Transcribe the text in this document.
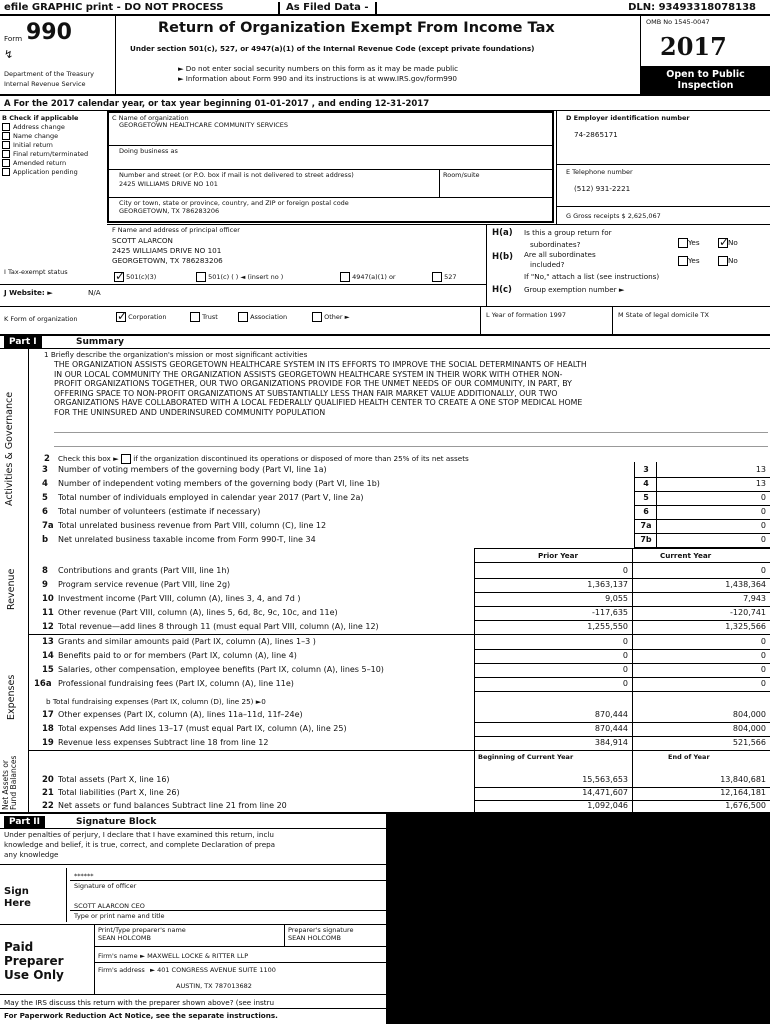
efile GRAPHIC print - DO NOT PROCESS	As Filed Data -	DLN: 93493318078138
Form 990
↯
Department of the Treasury
Internal Revenue Service
Return of Organization Exempt From Income Tax
Under section 501(c), 527, or 4947(a)(1) of the Internal Revenue Code (except private foundations)
► Do not enter social security numbers on this form as it may be made public
► Information about Form 990 and its instructions is at www.IRS.gov/form990
OMB No 1545-0047
2017
Open to Public
Inspection
A For the 2017 calendar year, or tax year beginning 01-01-2017 , and ending 12-31-2017
B Check if applicable
Address change
Name change
Initial return
Final return/terminated
Amended return
Application pending
C Name of organization
GEORGETOWN HEALTHCARE COMMUNITY SERVICES
Doing business as
Number and street (or P.O. box if mail is not delivered to street address)
2425 WILLIAMS DRIVE NO 101
Room/suite
City or town, state or province, country, and ZIP or foreign postal code
GEORGETOWN, TX 786283206
D Employer identification number
74-2865171
E Telephone number
(512) 931-2221
G Gross receipts $ 2,625,067
F Name and address of principal officer
SCOTT ALARCON
2425 WILLIAMS DRIVE NO 101
GEORGETOWN, TX 786283206
H(a) Is this a group return for
subordinates?	Yes ✓	No
H(b) Are all subordinates
included?	Yes	No
If "No," attach a list (see instructions)
H(c) Group exemption number ►
I Tax-exempt status
✓ 501(c)(3)	501(c) ( ) ◄ (insert no )	4947(a)(1) or	527
J Website: ►	N/A
K Form of organization ✓	Corporation	Trust	Association	Other ►	L Year of formation 1997	M State of legal domicile TX
Part I	Summary
1 Briefly describe the organization's mission or most significant activities
THE ORGANIZATION ASSISTS GEORGETOWN HEALTHCARE SYSTEM IN ITS EFFORTS TO IMPROVE THE SOCIAL DETERMINANTS OF HEALTH
IN OUR LOCAL COMMUNITY THE ORGANIZATION ASSISTS GEORGETOWN HEALTHCARE SYSTEM IN THEIR WORK WITH OTHER NON-
PROFIT ORGANIZATIONS TOGETHER, OUR TWO ORGANIZATIONS PROVIDE FOR THE UNMET NEEDS OF OUR COMMUNITY, IN PART, BY
OFFERING SPACE TO NON-PROFIT ORGANIZATIONS AT SUBSTANTIALLY LESS THAN FAIR MARKET VALUE ADDITIONALLY, OUR TWO
ORGANIZATIONS HAVE COLLABORATED WITH A LOCAL FEDERALLY QUALIFIED HEALTH CENTER TO CREATE A ONE STOP MEDICAL HOME
FOR THE UNINSURED AND UNDERINSURED COMMUNITY POPULATION
Activities & Governance
Revenue
Expenses
Net Assets or Fund Balances
2 Check this box ► if the organization discontinued its operations or disposed of more than 25% of its net assets
Prior Year	Current Year
b Total fundraising expenses (Part IX, column (D), line 25) ►0
Beginning of Current Year	End of Year
Part II	Signature Block
Under penalties of perjury, I declare that I have examined this return, inclu
knowledge and belief, it is true, correct, and complete Declaration of prepa
any knowledge
Sign
Here
******
Signature of officer
SCOTT ALARCON CEO
Type or print name and title
Paid
Preparer
Use Only
Print/Type preparer's name
SEAN HOLCOMB
Preparer's signature
SEAN HOLCOMB
Firm's name ► MAXWELL LOCKE & RITTER LLP
Firm's address ► 401 CONGRESS AVENUE SUITE 1100
AUSTIN, TX 787013682
May the IRS discuss this return with the preparer shown above? (see instru
For Paperwork Reduction Act Notice, see the separate instructions.
3 Number of voting members of the governing body (Part VI, line 1a)	3	13
4 Number of independent voting members of the governing body (Part VI, line 1b)	4	13
5 Total number of individuals employed in calendar year 2017 (Part V, line 2a)	5	0
6 Total number of volunteers (estimate if necessary)	6	0
7a Total unrelated business revenue from Part VIII, column (C), line 12	7a	0
b Net unrelated business taxable income from Form 990-T, line 34	7b	0
8 Contributions and grants (Part VIII, line 1h)	0	0
9 Program service revenue (Part VIII, line 2g)	1,363,137	1,438,364
10 Investment income (Part VIII, column (A), lines 3, 4, and 7d )	9,055	7,943
11 Other revenue (Part VIII, column (A), lines 5, 6d, 8c, 9c, 10c, and 11e)	-117,635	-120,741
12 Total revenue—add lines 8 through 11 (must equal Part VIII, column (A), line 12)	1,255,550	1,325,566
13 Grants and similar amounts paid (Part IX, column (A), lines 1–3 )	0	0
14 Benefits paid to or for members (Part IX, column (A), line 4)	0	0
15 Salaries, other compensation, employee benefits (Part IX, column (A), lines 5–10)	0	0
16a Professional fundraising fees (Part IX, column (A), line 11e)	0	0
17 Other expenses (Part IX, column (A), lines 11a–11d, 11f–24e)	870,444	804,000
18 Total expenses Add lines 13–17 (must equal Part IX, column (A), line 25)	870,444	804,000
19 Revenue less expenses Subtract line 18 from line 12	384,914	521,566
20 Total assets (Part X, line 16)	15,563,653	13,840,681
21 Total liabilities (Part X, line 26)	14,471,607	12,164,181
22 Net assets or fund balances Subtract line 21 from line 20	1,092,046	1,676,500
